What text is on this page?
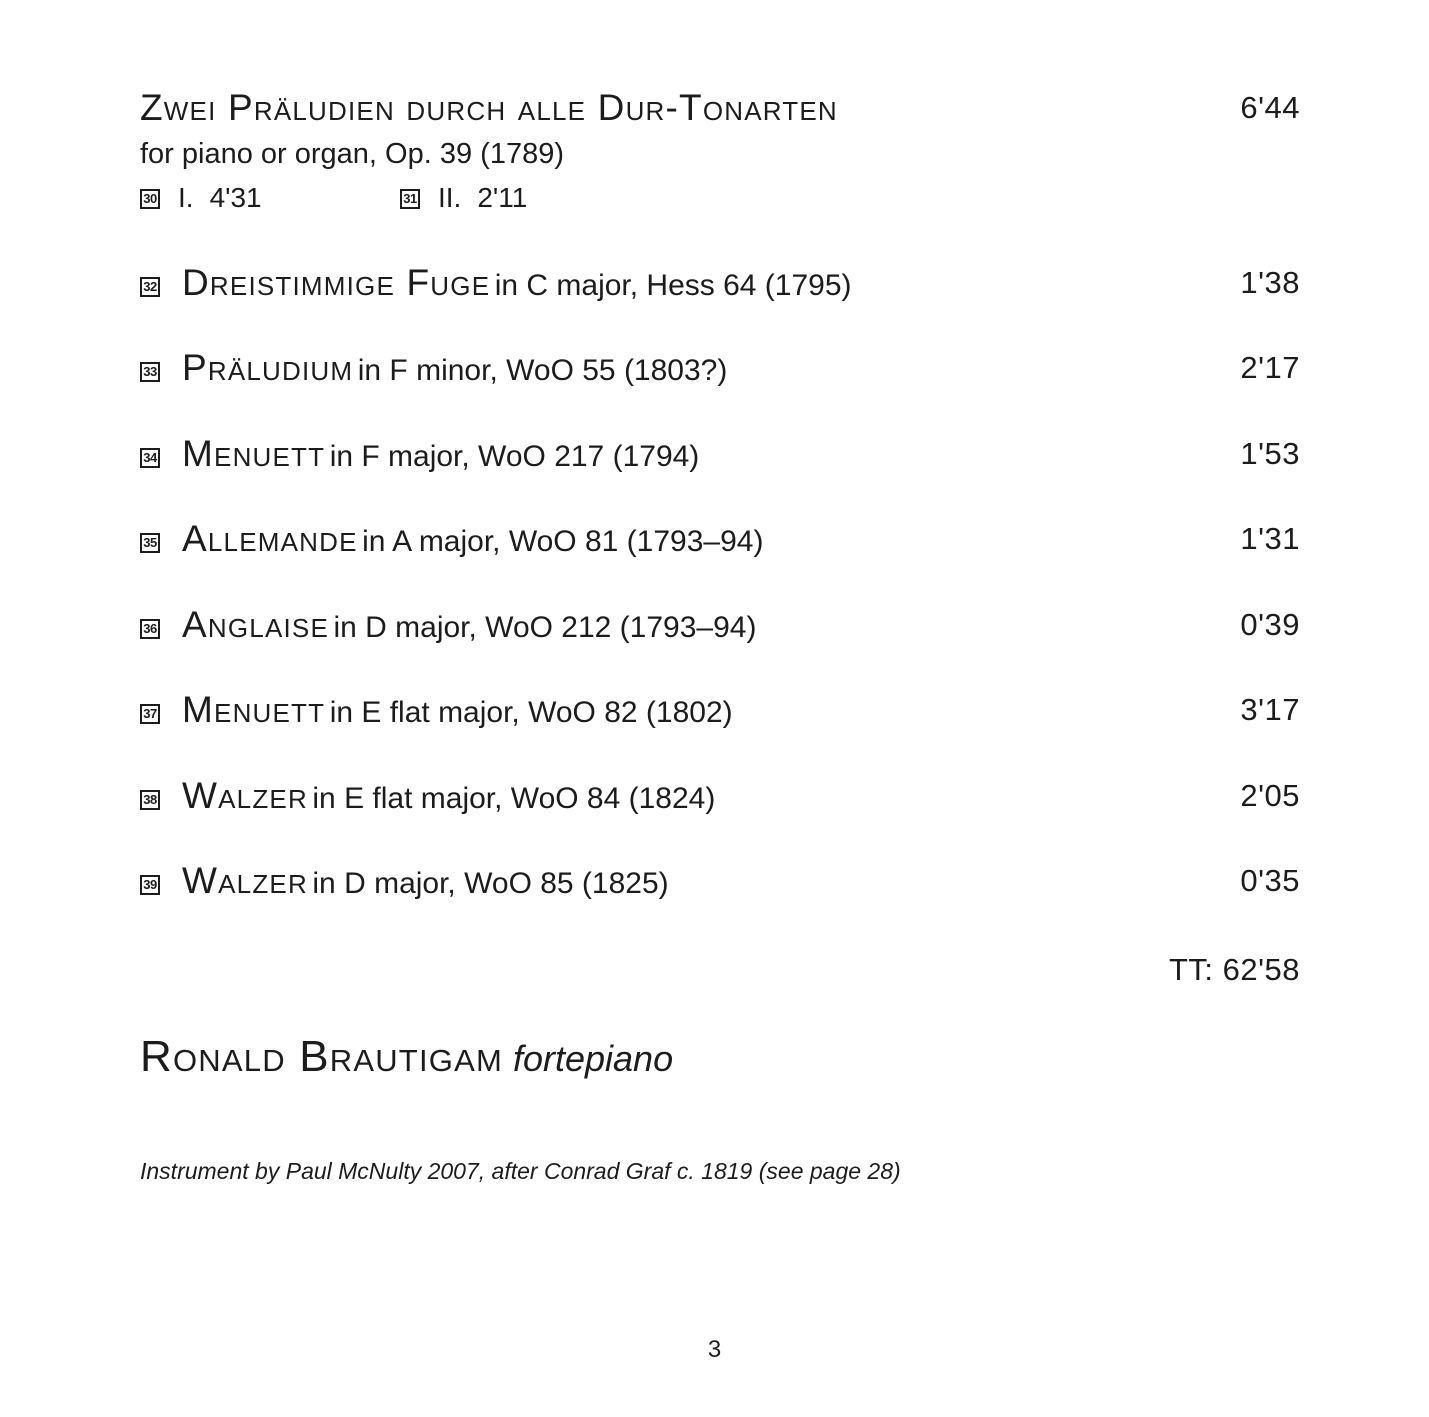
Zwei Präludien durch alle Dur-Tonarten	6'44
for piano or organ, Op. 39 (1789)
30 I. 4'31	31 II. 2'11
32 Dreistimmige Fuge in C major, Hess 64 (1795)	1'38
33 Präludium in F minor, WoO 55 (1803?)	2'17
34 Menuett in F major, WoO 217 (1794)	1'53
35 Allemande in A major, WoO 81 (1793–94)	1'31
36 Anglaise in D major, WoO 212 (1793–94)	0'39
37 Menuett in E flat major, WoO 82 (1802)	3'17
38 Walzer in E flat major, WoO 84 (1824)	2'05
39 Walzer in D major, WoO 85 (1825)	0'35
TT: 62'58
Ronald Brautigam fortepiano
Instrument by Paul McNulty 2007, after Conrad Graf c. 1819 (see page 28)
3
